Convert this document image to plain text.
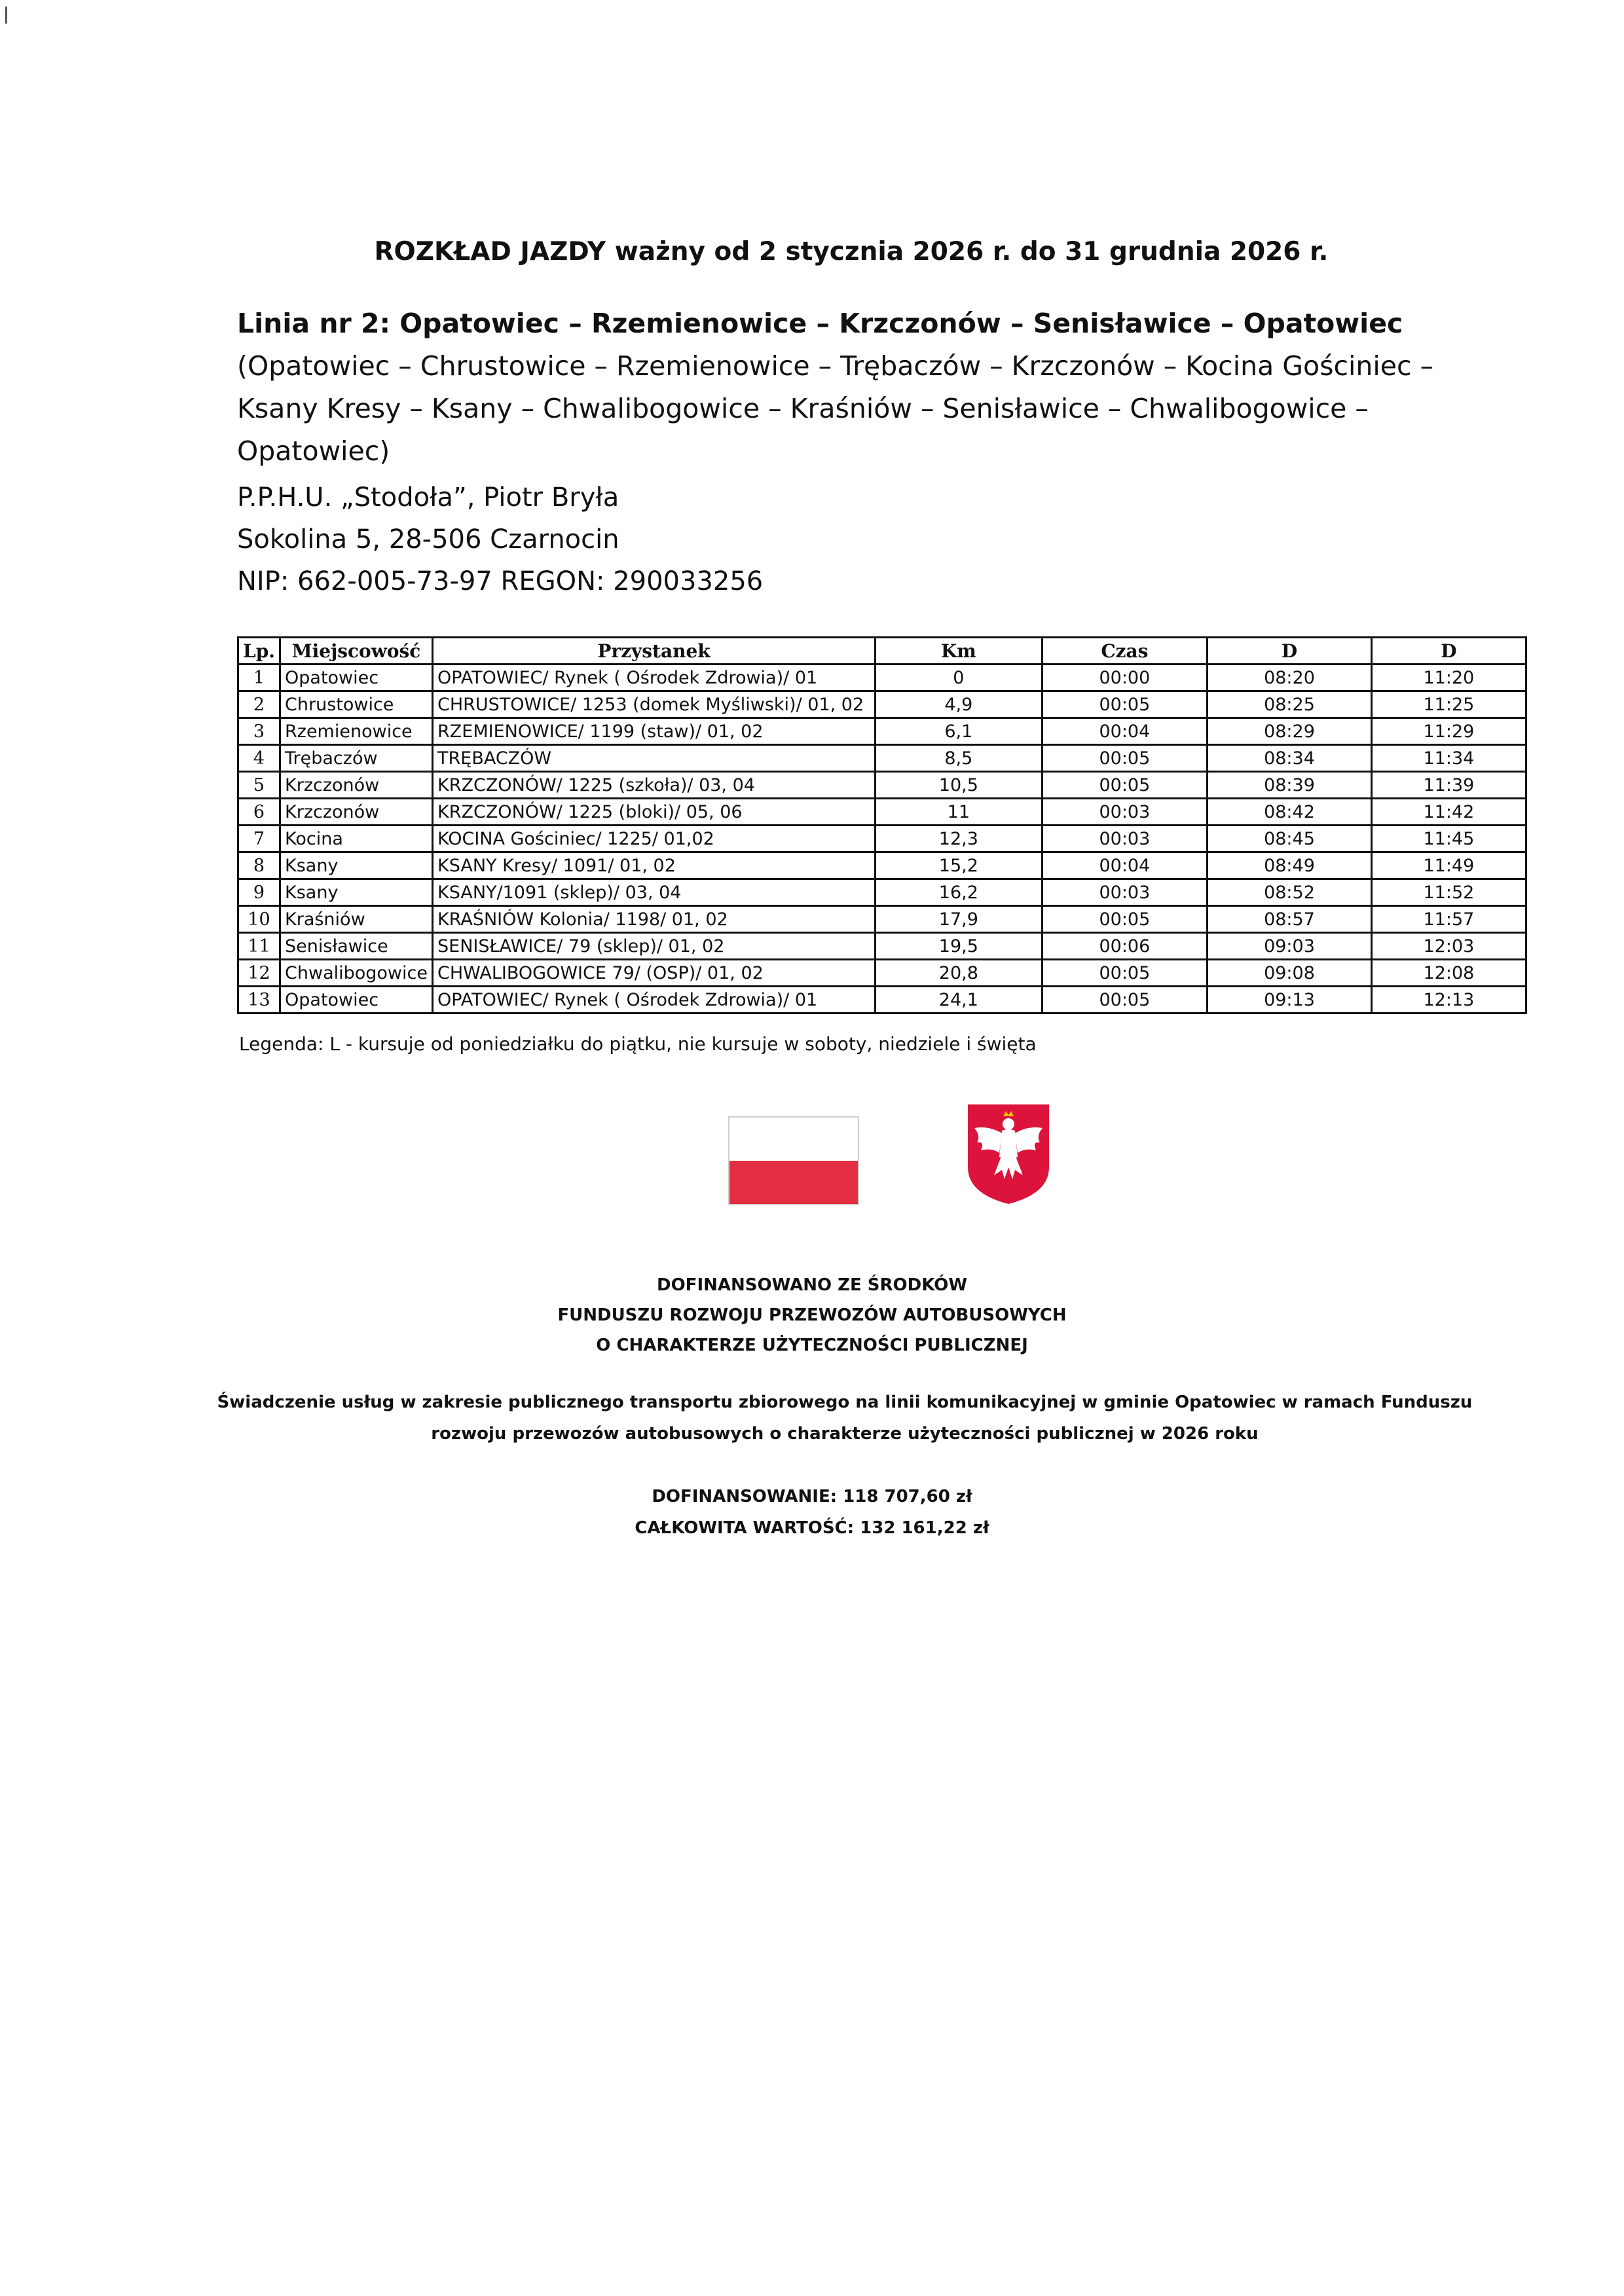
ROZKŁAD JAZDY ważny od 2 stycznia 2026 r. do 31 grudnia 2026 r.
Linia nr 2: Opatowiec – Rzemienowice – Krzczonów – Senisławice – Opatowiec (Opatowiec – Chrustowice – Rzemienowice – Trębaczów – Krzczonów – Kocina Gościniec – Ksany Kresy – Ksany – Chwalibogowice – Kraśniów – Senisławice – Chwalibogowice – Opatowiec)
P.P.H.U. „Stodoła”, Piotr Bryła
Sokolina 5, 28-506 Czarnocin
NIP: 662-005-73-97 REGON: 290033256
Lp.	Miejscowość	Przystanek	Km	Czas	D	D
1	Opatowiec	OPATOWIEC/ Rynek ( Ośrodek Zdrowia)/ 01	0	00:00	08:20	11:20
2	Chrustowice	CHRUSTOWICE/ 1253 (domek Myśliwski)/ 01, 02	4,9	00:05	08:25	11:25
3	Rzemienowice	RZEMIENOWICE/ 1199 (staw)/ 01, 02	6,1	00:04	08:29	11:29
4	Trębaczów	TRĘBACZÓW	8,5	00:05	08:34	11:34
5	Krzczonów	KRZCZONÓW/ 1225 (szkoła)/ 03, 04	10,5	00:05	08:39	11:39
6	Krzczonów	KRZCZONÓW/ 1225 (bloki)/ 05, 06	11	00:03	08:42	11:42
7	Kocina	KOCINA Gościniec/ 1225/ 01,02	12,3	00:03	08:45	11:45
8	Ksany	KSANY Kresy/ 1091/ 01, 02	15,2	00:04	08:49	11:49
9	Ksany	KSANY/1091 (sklep)/ 03, 04	16,2	00:03	08:52	11:52
10	Kraśniów	KRAŚNIÓW Kolonia/ 1198/ 01, 02	17,9	00:05	08:57	11:57
11	Senisławice	SENISŁAWICE/ 79 (sklep)/ 01, 02	19,5	00:06	09:03	12:03
12	Chwalibogowice	CHWALIBOGOWICE 79/ (OSP)/ 01, 02	20,8	00:05	09:08	12:08
13	Opatowiec	OPATOWIEC/ Rynek ( Ośrodek Zdrowia)/ 01	24,1	00:05	09:13	12:13
Legenda: L - kursuje od poniedziałku do piątku, nie kursuje w soboty, niedziele i święta
DOFINANSOWANO ZE ŚRODKÓW
FUNDUSZU ROZWOJU PRZEWOZÓW AUTOBUSOWYCH
O CHARAKTERZE UŻYTECZNOŚCI PUBLICZNEJ
Świadczenie usług w zakresie publicznego transportu zbiorowego na linii komunikacyjnej w gminie Opatowiec w ramach Funduszu
rozwoju przewozów autobusowych o charakterze użyteczności publicznej w 2026 roku
DOFINANSOWANIE: 118 707,60 zł
CAŁKOWITA WARTOŚĆ: 132 161,22 zł
